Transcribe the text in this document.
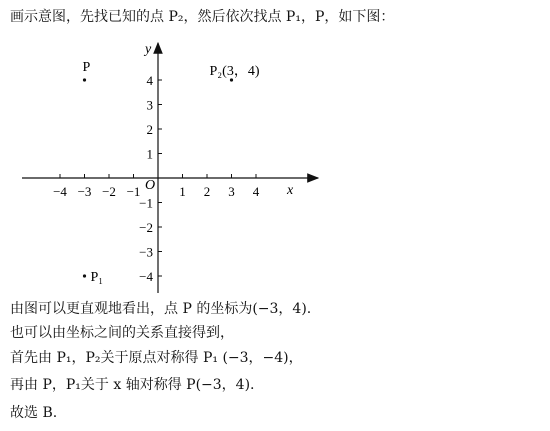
画示意图，先找已知的点 P₂，然后依次找点 P₁，P，如下图：
y
x
O
−4 −3 −2 −1	1 2 3 4
4
3
2
1
−1
−2
−3
−4
P	P₂(3，4)
P₁
由图可以更直观地看出，点 P 的坐标为(−3，4).
也可以由坐标之间的关系直接得到，
首先由 P₁，P₂关于原点对称得 P₁ (−3，−4)，
再由 P，P₁关于 x 轴对称得 P(−3，4).
故选 B.
